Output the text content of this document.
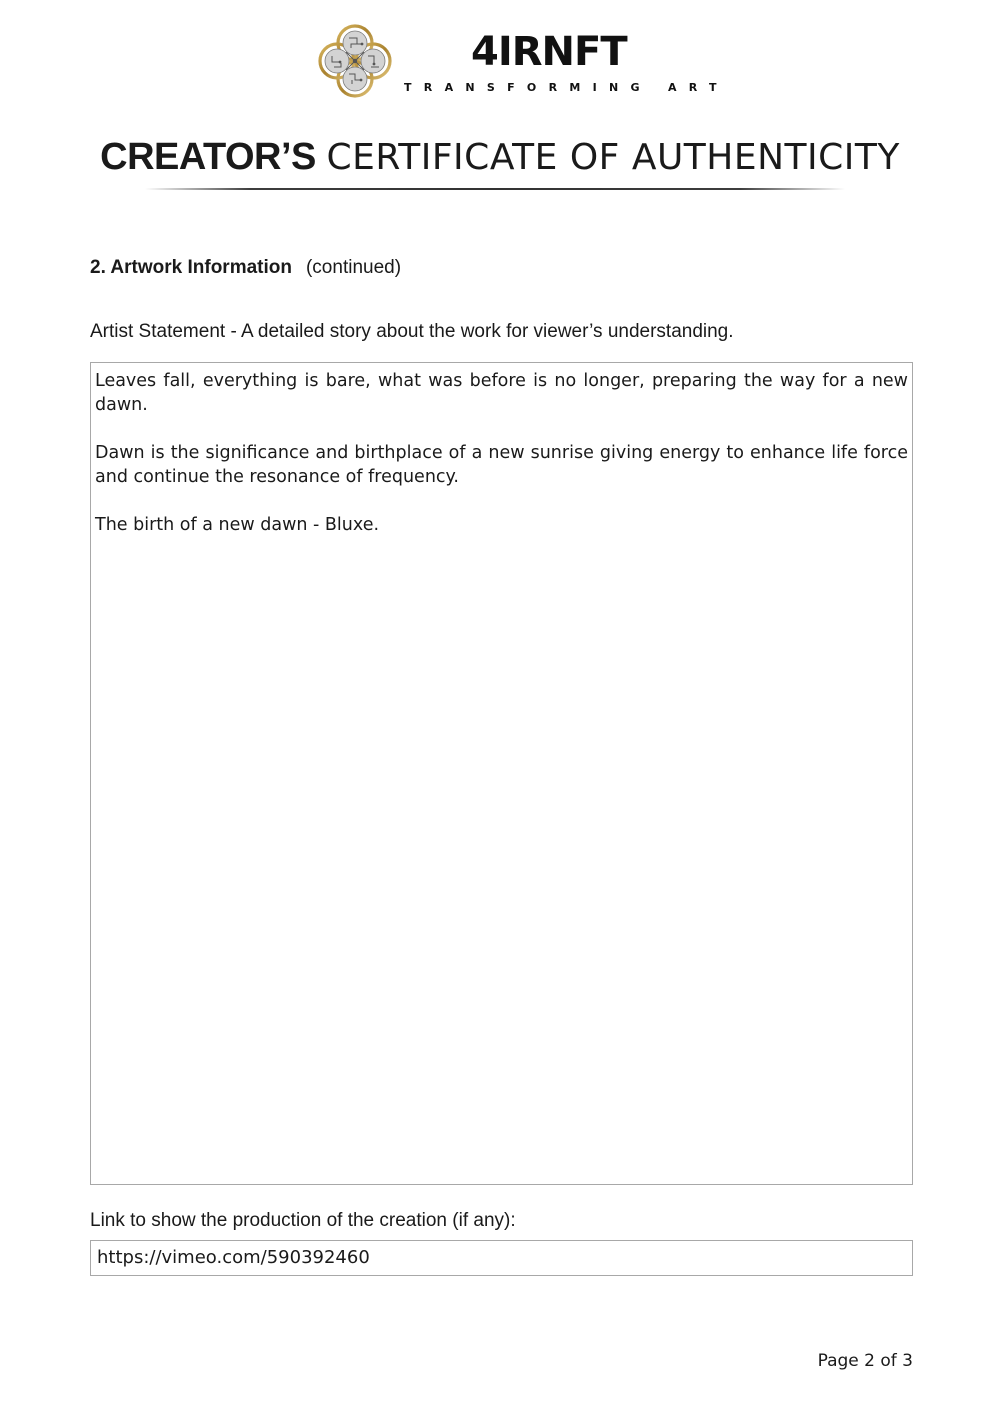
4IRNFT
TRANSFORMING ART
CREATOR’S CERTIFICATE OF AUTHENTICITY
2. Artwork Information (continued)
Artist Statement - A detailed story about the work for viewer’s understanding.

Leaves fall, everything is bare, what was before is no longer, preparing the way for a new dawn.

Dawn is the significance and birthplace of a new sunrise giving energy to enhance life force and continue the resonance of frequency.

The birth of a new dawn - Bluxe.

Link to show the production of the creation (if any):
https://vimeo.com/590392460
Page 2 of 3
